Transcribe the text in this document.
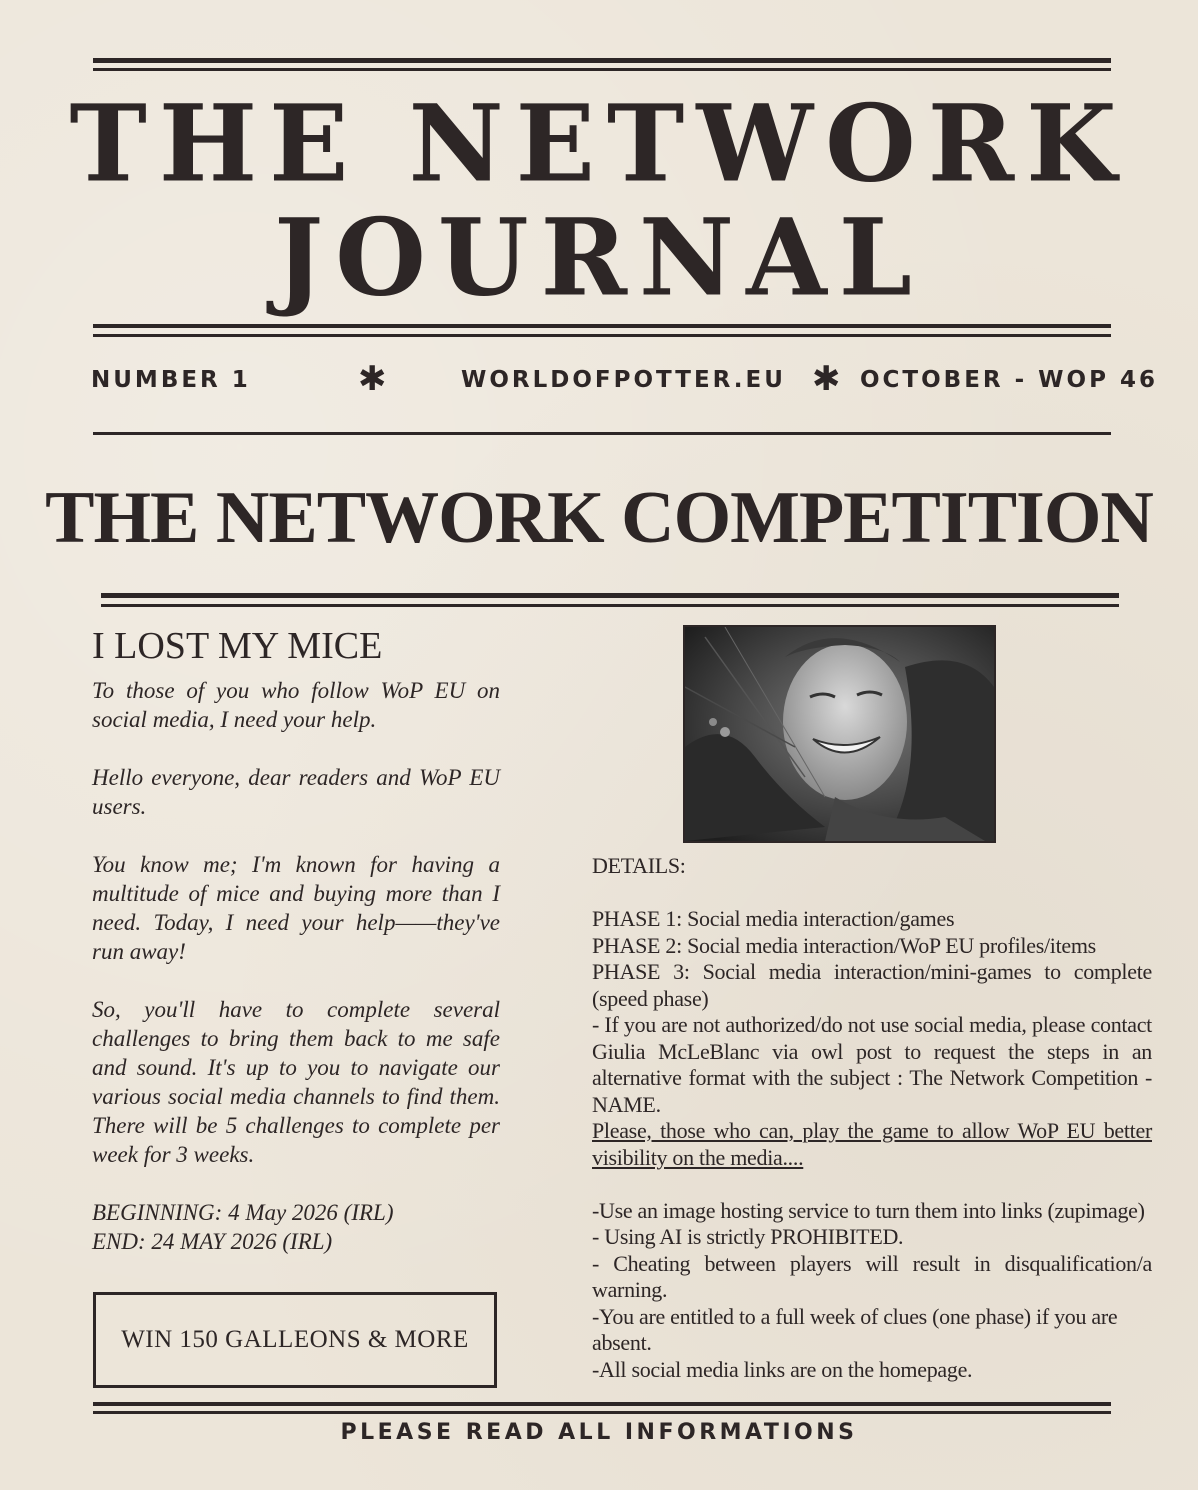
THE NETWORK
JOURNAL
NUMBER 1	✱	WORLDOFPOTTER.EU ✱ OCTOBER - WOP 46
THE NETWORK COMPETITION
I LOST MY MICE

To those of you who follow WoP EU on social media, I need your help.

Hello everyone, dear readers and WoP EU users.

You know me; I'm known for having a multitude of mice and buying more than I need. Today, I need your help——they've run away!

So, you'll have to complete several challenges to bring them back to me safe and sound. It's up to you to navigate our various social media channels to find them. There will be 5 challenges to complete per week for 3 weeks.

BEGINNING: 4 May 2026 (IRL)
END: 24 MAY 2026 (IRL)
WIN 150 GALLEONS & MORE
DETAILS:
PHASE 1: Social media interaction/games
PHASE 2: Social media interaction/WoP EU profiles/items
PHASE 3: Social media interaction/mini-games to complete (speed phase)
- If you are not authorized/do not use social media, please contact Giulia McLeBlanc via owl post to request the steps in an alternative format with the subject : The Network Competition - NAME.
Please, those who can, play the game to allow WoP EU better visibility on the media....
-Use an image hosting service to turn them into links (zupimage)
- Using AI is strictly PROHIBITED.
- Cheating between players will result in disqualification/a warning.
-You are entitled to a full week of clues (one phase) if you are absent.
-All social media links are on the homepage.
PLEASE READ ALL INFORMATIONS
